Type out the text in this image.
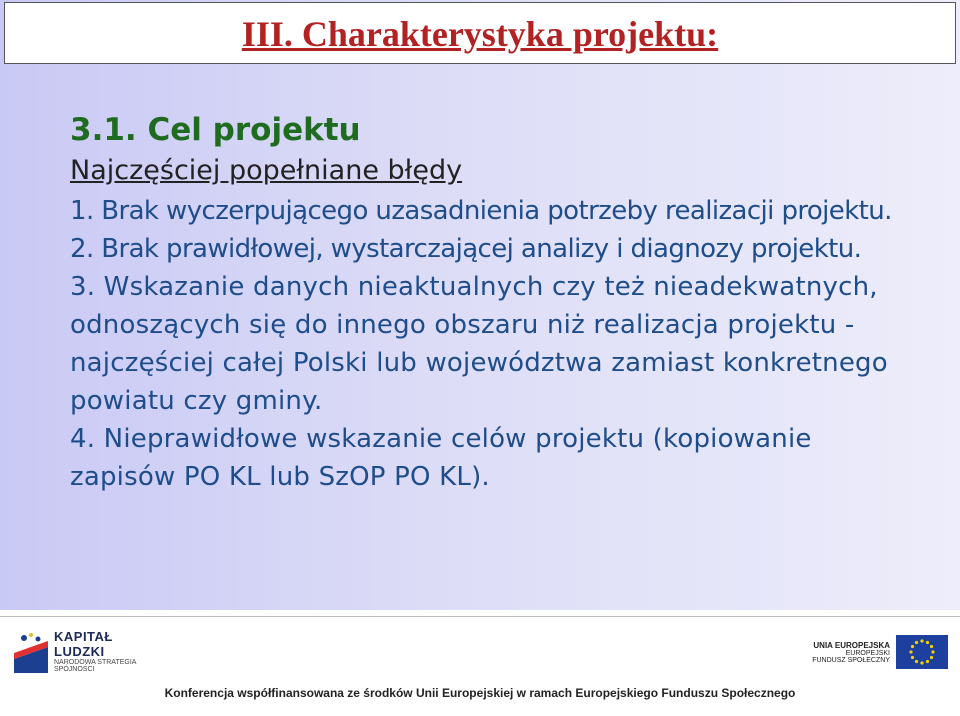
III. Charakterystyka projektu:
3.1. Cel projektu
Najczęściej popełniane błędy

1. Brak wyczerpującego uzasadnienia potrzeby realizacji projektu.

2. Brak prawidłowej, wystarczającej analizy i diagnozy projektu.

3. Wskazanie danych nieaktualnych czy też nieadekwatnych, odnoszących się do innego obszaru niż realizacja projektu - najczęściej całej Polski lub województwa zamiast konkretnego powiatu czy gminy.

4. Nieprawidłowe wskazanie celów projektu (kopiowanie zapisów PO KL lub SzOP PO KL).

KAPITAŁ LUDZKI
NARODOWA STRATEGIA SPÓJNOŚCI
UNIA EUROPEJSKA
EUROPEJSKI
FUNDUSZ SPOŁECZNY
Konferencja współfinansowana ze środków Unii Europejskiej w ramach Europejskiego Funduszu Społecznego
